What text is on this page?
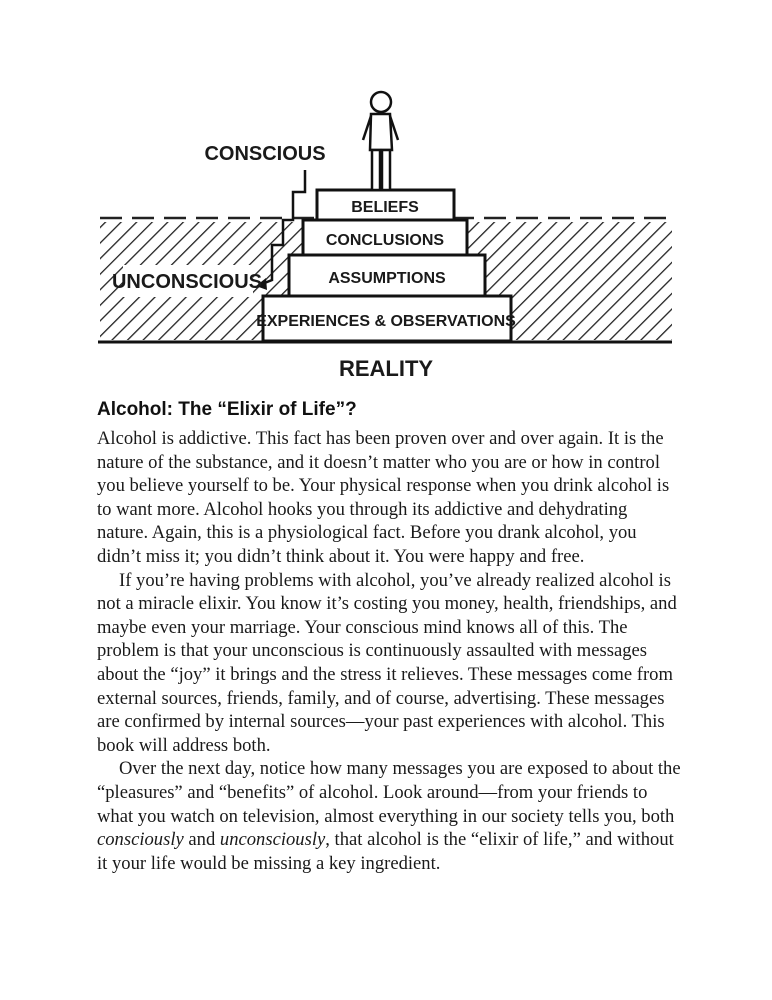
BELIEFS
CONCLUSIONS
ASSUMPTIONS
EXPERIENCES & OBSERVATIONS
CONSCIOUS
UNCONSCIOUS
REALITY
Alcohol: The “Elixir of Life”?

Alcohol is addictive. This fact has been proven over and over again. It is the nature of the substance, and it doesn’t matter who you are or how in control you believe yourself to be. Your physical response when you drink alcohol is to want more. Alcohol hooks you through its addictive and dehydrating nature. Again, this is a physiological fact. Before you drank alcohol, you didn’t miss it; you didn’t think about it. You were happy and free.

If you’re having problems with alcohol, you’ve already realized alcohol is not a miracle elixir. You know it’s costing you money, health, friendships, and maybe even your marriage. Your conscious mind knows all of this. The problem is that your unconscious is continuously assaulted with messages about the “joy” it brings and the stress it relieves. These messages come from external sources, friends, family, and of course, advertising. These messages are confirmed by internal sources—your past experiences with alcohol. This book will address both.

Over the next day, notice how many messages you are exposed to about the “pleasures” and “benefits” of alcohol. Look around—from your friends to what you watch on television, almost everything in our society tells you, both consciously and unconsciously, that alcohol is the “elixir of life,” and without it your life would be missing a key ingredient.
